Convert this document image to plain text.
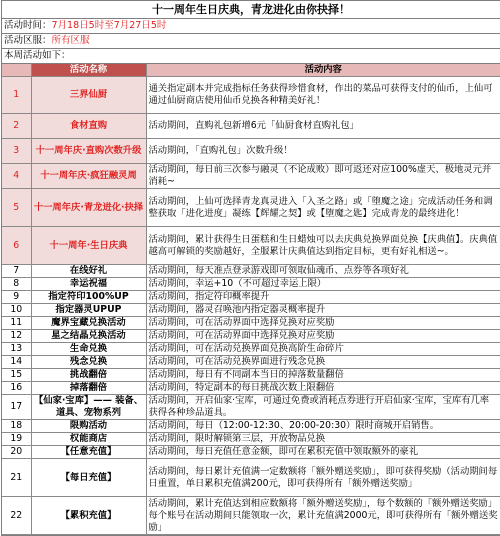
十一周年生日庆典，青龙进化由你抉择！
活动时间：7月18日5时至7月27日5时
活动区服：所有区服
本周活动如下：
	活动名称	活动内容
1	三界仙厨	通关指定副本并完成指标任务获得珍惜食材，作出的菜品可获得支付的仙币，上仙可通过仙厨商店使用仙币兑换各种精美好礼！
2	食材直购	活动期间，直购礼包新增6元「仙厨食材直购礼包」
3	十一周年庆·直购次数升级	活动期间，「直购礼包」次数升级！
4	十一周年庆·疯狂融灵周	活动期间，每日前三次参与融灵（不论成败）即可返还对应100%虚天、极地灵元并消耗~
5	十一周年庆·青龙进化·抉择	活动期间，上仙可选择青龙真灵进入「入圣之路」或「堕魔之途」完成活动任务和调整获取「进化进度」凝练【辉耀之契】或【堕魔之匙】完成青龙的最终进化！
6	十一周年·生日庆典	活动期间，累计获得生日蛋糕和生日蜡烛可以去庆典兑换界面兑换【庆典值】。庆典值越高可解锁的奖励越好，全服累计庆典值达到指定目标，更有好礼相送~。
7	在线好礼	活动期间，每天准点登录游戏即可领取仙魂币、点券等各项好礼
8	幸运祝福	活动期间，幸运+10（不可超过幸运上限）
9	指定符印100%UP	活动期间，指定符印概率提升
10	指定器灵UPUP	活动期间，器灵召唤池内指定器灵概率提升
11	魔界宝藏兑换活动	活动期间，可在活动界面中选择兑换对应奖励
12	星之结晶兑换活动	活动期间，可在活动界面中选择兑换对应奖励
13	生命兑换	活动期间，可在活动兑换界面兑换高阶生命碎片
14	残念兑换	活动期间，可在活动兑换界面进行残念兑换
15	挑战翻倍	活动期间，每日有不同副本当日的掉落数量翻倍
16	掉落翻倍	活动期间，特定副本的每日挑战次数上限翻倍
17	【仙家·宝库】—— 装备、道具、宠物系列	活动期间，开启仙家·宝库，可通过免费或消耗点券进行开启仙家·宝库，宝库有几率获得各种珍品道具。
18	限购活动	活动期间，每日（12:00-12:30、20:00-20:30）限时商城开启销售。
19	权能商店	活动期间，限时解锁第三层，开放物品兑换
20	【任意充值】	活动期间，每日充值任意金额，即可在累积充值中领取额外的豪礼
21	【每日充值】	活动期间，每日累计充值满一定数额将「额外赠送奖励」，即可获得奖励（活动期间每日重置，单日累积充值满200元，即可获得所有「额外赠送奖励」
22	【累积充值】	活动期间，累计充值达到相应数额将「额外赠送奖励」，每个数额的「额外赠送奖励」每个账号在活动期间只能领取一次，累计充值满2000元，即可获得所有「额外赠送奖励」
